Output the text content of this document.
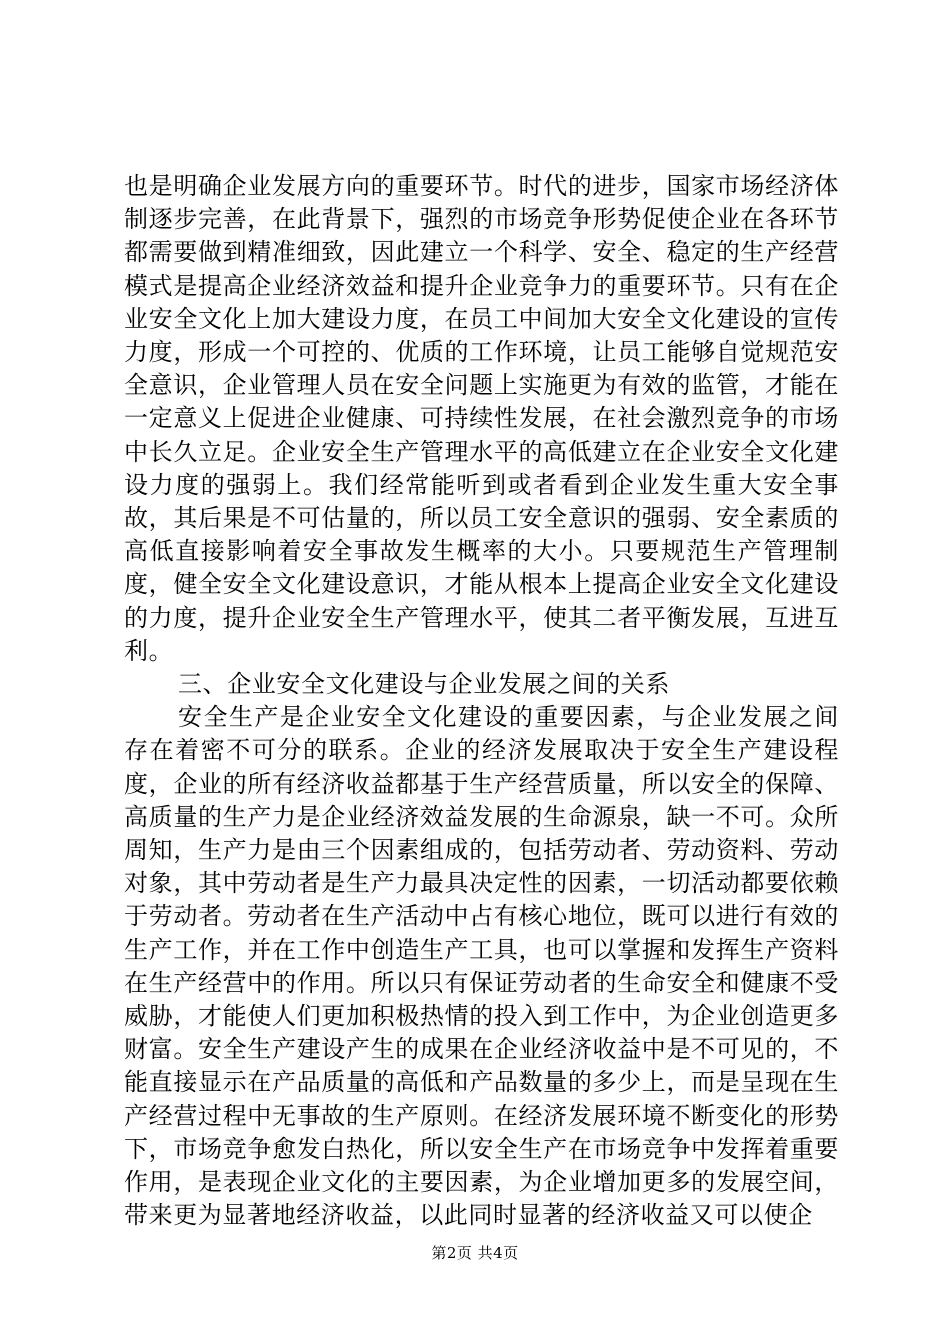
也是明确企业发展方向的重要环节。时代的进步，国家市场经济体制逐步完善，在此背景下，强烈的市场竞争形势促使企业在各环节都需要做到精准细致，因此建立一个科学、安全、稳定的生产经营模式是提高企业经济效益和提升企业竞争力的重要环节。只有在企业安全文化上加大建设力度，在员工中间加大安全文化建设的宣传力度，形成一个可控的、优质的工作环境，让员工能够自觉规范安全意识，企业管理人员在安全问题上实施更为有效的监管，才能在一定意义上促进企业健康、可持续性发展，在社会激烈竞争的市场中长久立足。企业安全生产管理水平的高低建立在企业安全文化建设力度的强弱上。我们经常能听到或者看到企业发生重大安全事故，其后果是不可估量的，所以员工安全意识的强弱、安全素质的高低直接影响着安全事故发生概率的大小。只要规范生产管理制度，健全安全文化建设意识，才能从根本上提高企业安全文化建设的力度，提升企业安全生产管理水平，使其二者平衡发展，互进互利。

三、企业安全文化建设与企业发展之间的关系

安全生产是企业安全文化建设的重要因素，与企业发展之间存在着密不可分的联系。企业的经济发展取决于安全生产建设程度，企业的所有经济收益都基于生产经营质量，所以安全的保障、高质量的生产力是企业经济效益发展的生命源泉，缺一不可。众所周知，生产力是由三个因素组成的，包括劳动者、劳动资料、劳动对象，其中劳动者是生产力最具决定性的因素，一切活动都要依赖于劳动者。劳动者在生产活动中占有核心地位，既可以进行有效的生产工作，并在工作中创造生产工具，也可以掌握和发挥生产资料在生产经营中的作用。所以只有保证劳动者的生命安全和健康不受威胁，才能使人们更加积极热情的投入到工作中，为企业创造更多财富。安全生产建设产生的成果在企业经济收益中是不可见的，不能直接显示在产品质量的高低和产品数量的多少上，而是呈现在生产经营过程中无事故的生产原则。在经济发展环境不断变化的形势下，市场竞争愈发白热化，所以安全生产在市场竞争中发挥着重要作用，是表现企业文化的主要因素，为企业增加更多的发展空间，带来更为显著地经济收益，以此同时显著的经济收益又可以使企

第2页 共4页
